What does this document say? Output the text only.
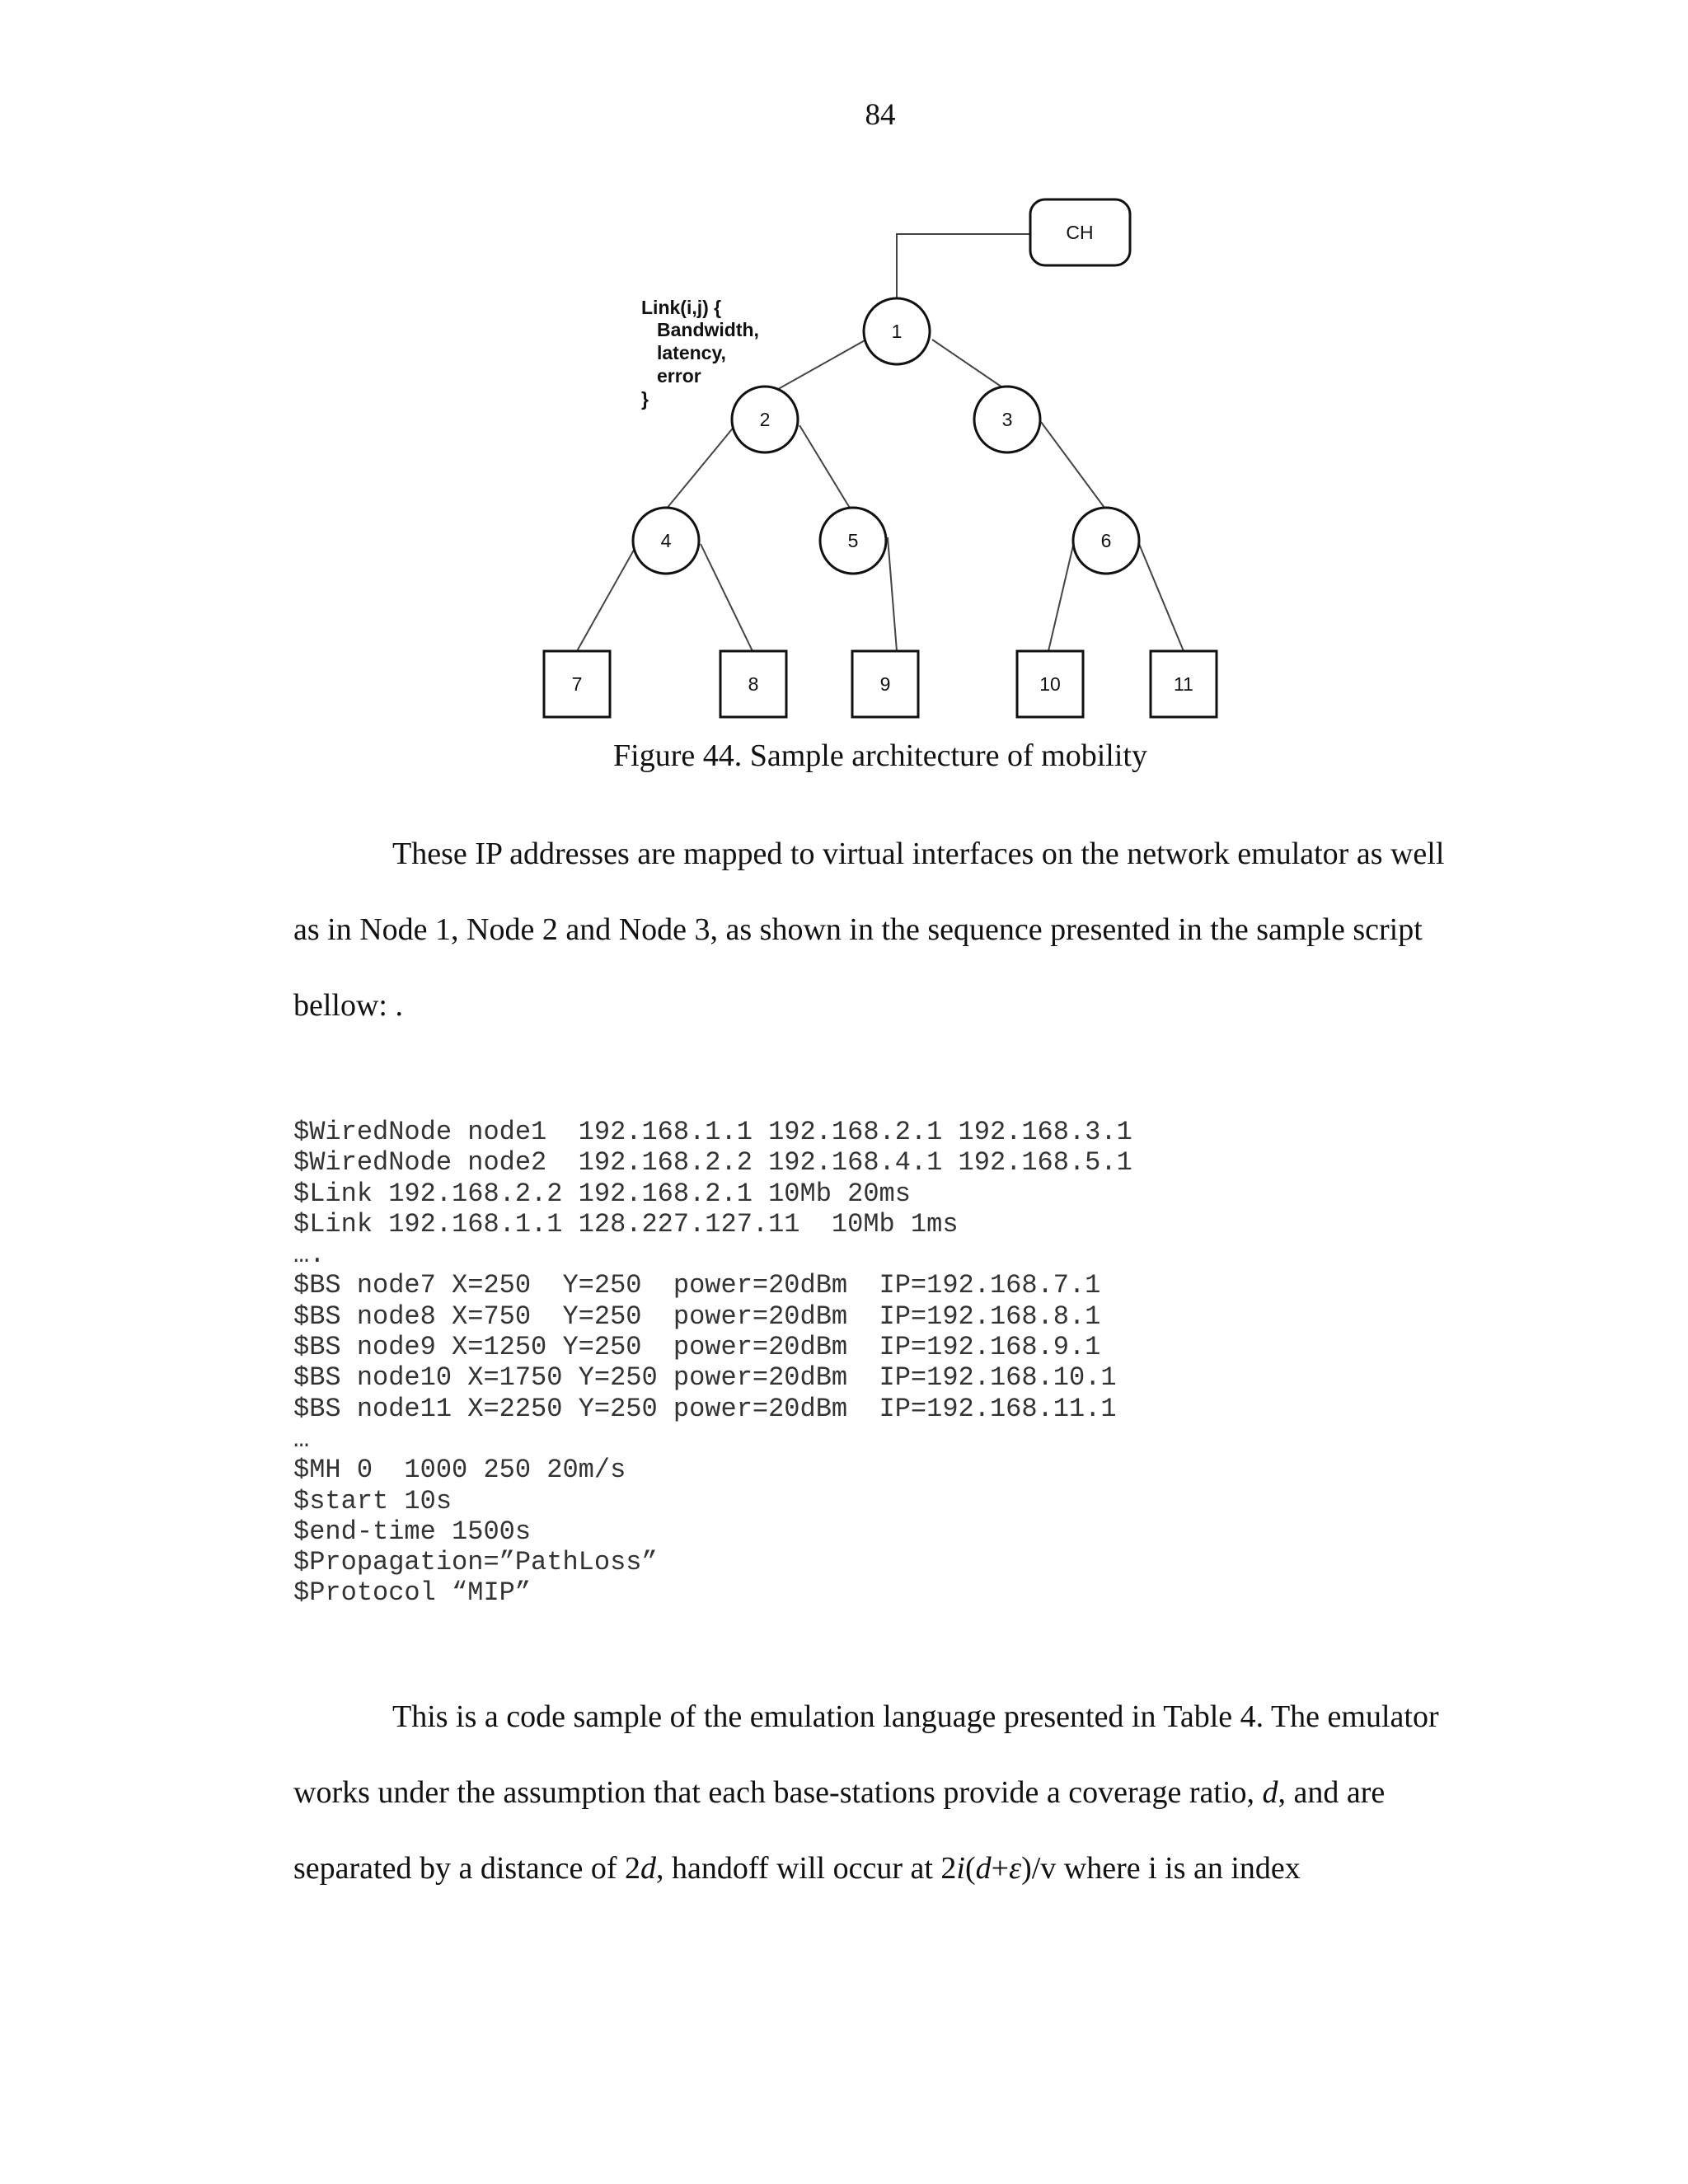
84
CH
1
2	3
4	5	6
7	8	9	10	11
Link(i,j) {
Bandwidth,
latency,
error
}
Figure 44. Sample architecture of mobility

These IP addresses are mapped to virtual interfaces on the network emulator as well as in Node 1, Node 2 and Node 3, as shown in the sequence presented in the sample script bellow: .

$WiredNode node1  192.168.1.1 192.168.2.1 192.168.3.1
$WiredNode node2  192.168.2.2 192.168.4.1 192.168.5.1
$Link 192.168.2.2 192.168.2.1 10Mb 20ms
$Link 192.168.1.1 128.227.127.11  10Mb 1ms
….
$BS node7 X=250  Y=250  power=20dBm  IP=192.168.7.1
$BS node8 X=750  Y=250  power=20dBm  IP=192.168.8.1
$BS node9 X=1250 Y=250  power=20dBm  IP=192.168.9.1
$BS node10 X=1750 Y=250 power=20dBm  IP=192.168.10.1
$BS node11 X=2250 Y=250 power=20dBm  IP=192.168.11.1
…
$MH 0  1000 250 20m/s
$start 10s
$end-time 1500s
$Propagation=”PathLoss”
$Protocol “MIP”

This is a code sample of the emulation language presented in Table 4. The emulator works under the assumption that each base-stations provide a coverage ratio, d, and are separated by a distance of 2d, handoff will occur at 2i(d+ε)/v where i is an index
